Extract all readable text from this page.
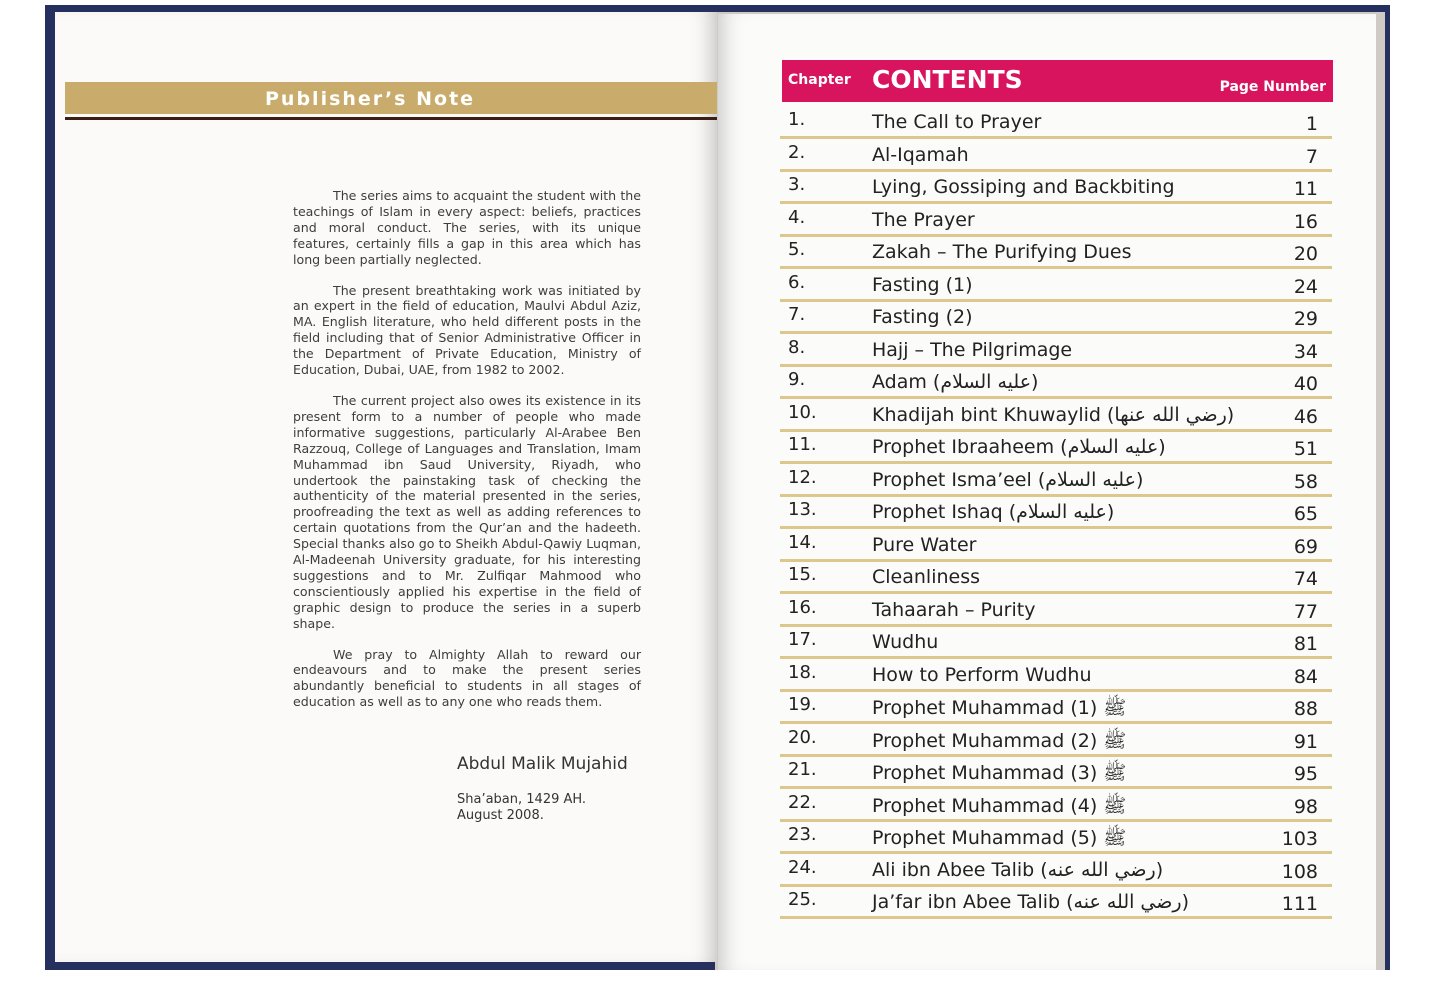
Publisher’s Note

The series aims to acquaint the student with the teachings of Islam in every aspect: beliefs, practices and moral conduct. The series, with its unique features, certainly fills a gap in this area which has long been partially neglected.

The present breathtaking work was initiated by an expert in the field of education, Maulvi Abdul Aziz, MA. English literature, who held different posts in the field including that of Senior Administrative Officer in the Department of Private Education, Ministry of Education, Dubai, UAE, from 1982 to 2002.

The current project also owes its existence in its present form to a number of people who made informative suggestions, particularly Al-Arabee Ben Razzouq, College of Languages and Translation, Imam Muhammad ibn Saud University, Riyadh, who undertook the painstaking task of checking the authenticity of the material presented in the series, proofreading the text as well as adding references to certain quotations from the Qur’an and the hadeeth. Special thanks also go to Sheikh Abdul-Qawiy Luqman, Al-Madeenah University graduate, for his interesting suggestions and to Mr. Zulfiqar Mahmood who conscientiously applied his expertise in the field of graphic design to produce the series in a superb shape.

We pray to Almighty Allah to reward our endeavours and to make the present series abundantly beneficial to students in all stages of education as well as to any one who reads them.

Abdul Malik Mujahid
Sha’aban, 1429 AH.
August 2008.
Chapter CONTENTS	Page Number
1.	The Call to Prayer	1
2.	Al-Iqamah	7
3.	Lying, Gossiping and Backbiting	11
4.	The Prayer	16
5.	Zakah – The Purifying Dues	20
6.	Fasting (1)	24
7.	Fasting (2)	29
8.	Hajj – The Pilgrimage	34
9.	Adam (عليه السلام)	40
10.	Khadijah bint Khuwaylid (رضي الله عنها)	46
11.	Prophet Ibraaheem (عليه السلام)	51
12.	Prophet Isma’eel (عليه السلام)	58
13.	Prophet Ishaq (عليه السلام)	65
14.	Pure Water	69
15.	Cleanliness	74
16.	Tahaarah – Purity	77
17.	Wudhu	81
18.	How to Perform Wudhu	84
19.	Prophet Muhammad ﷺ (1)	88
20.	Prophet Muhammad ﷺ (2)	91
21.	Prophet Muhammad ﷺ (3)	95
22.	Prophet Muhammad ﷺ (4)	98
23.	Prophet Muhammad ﷺ (5)	103
24.	Ali ibn Abee Talib (رضي الله عنه)	108
25.	Ja’far ibn Abee Talib (رضي الله عنه)	111
